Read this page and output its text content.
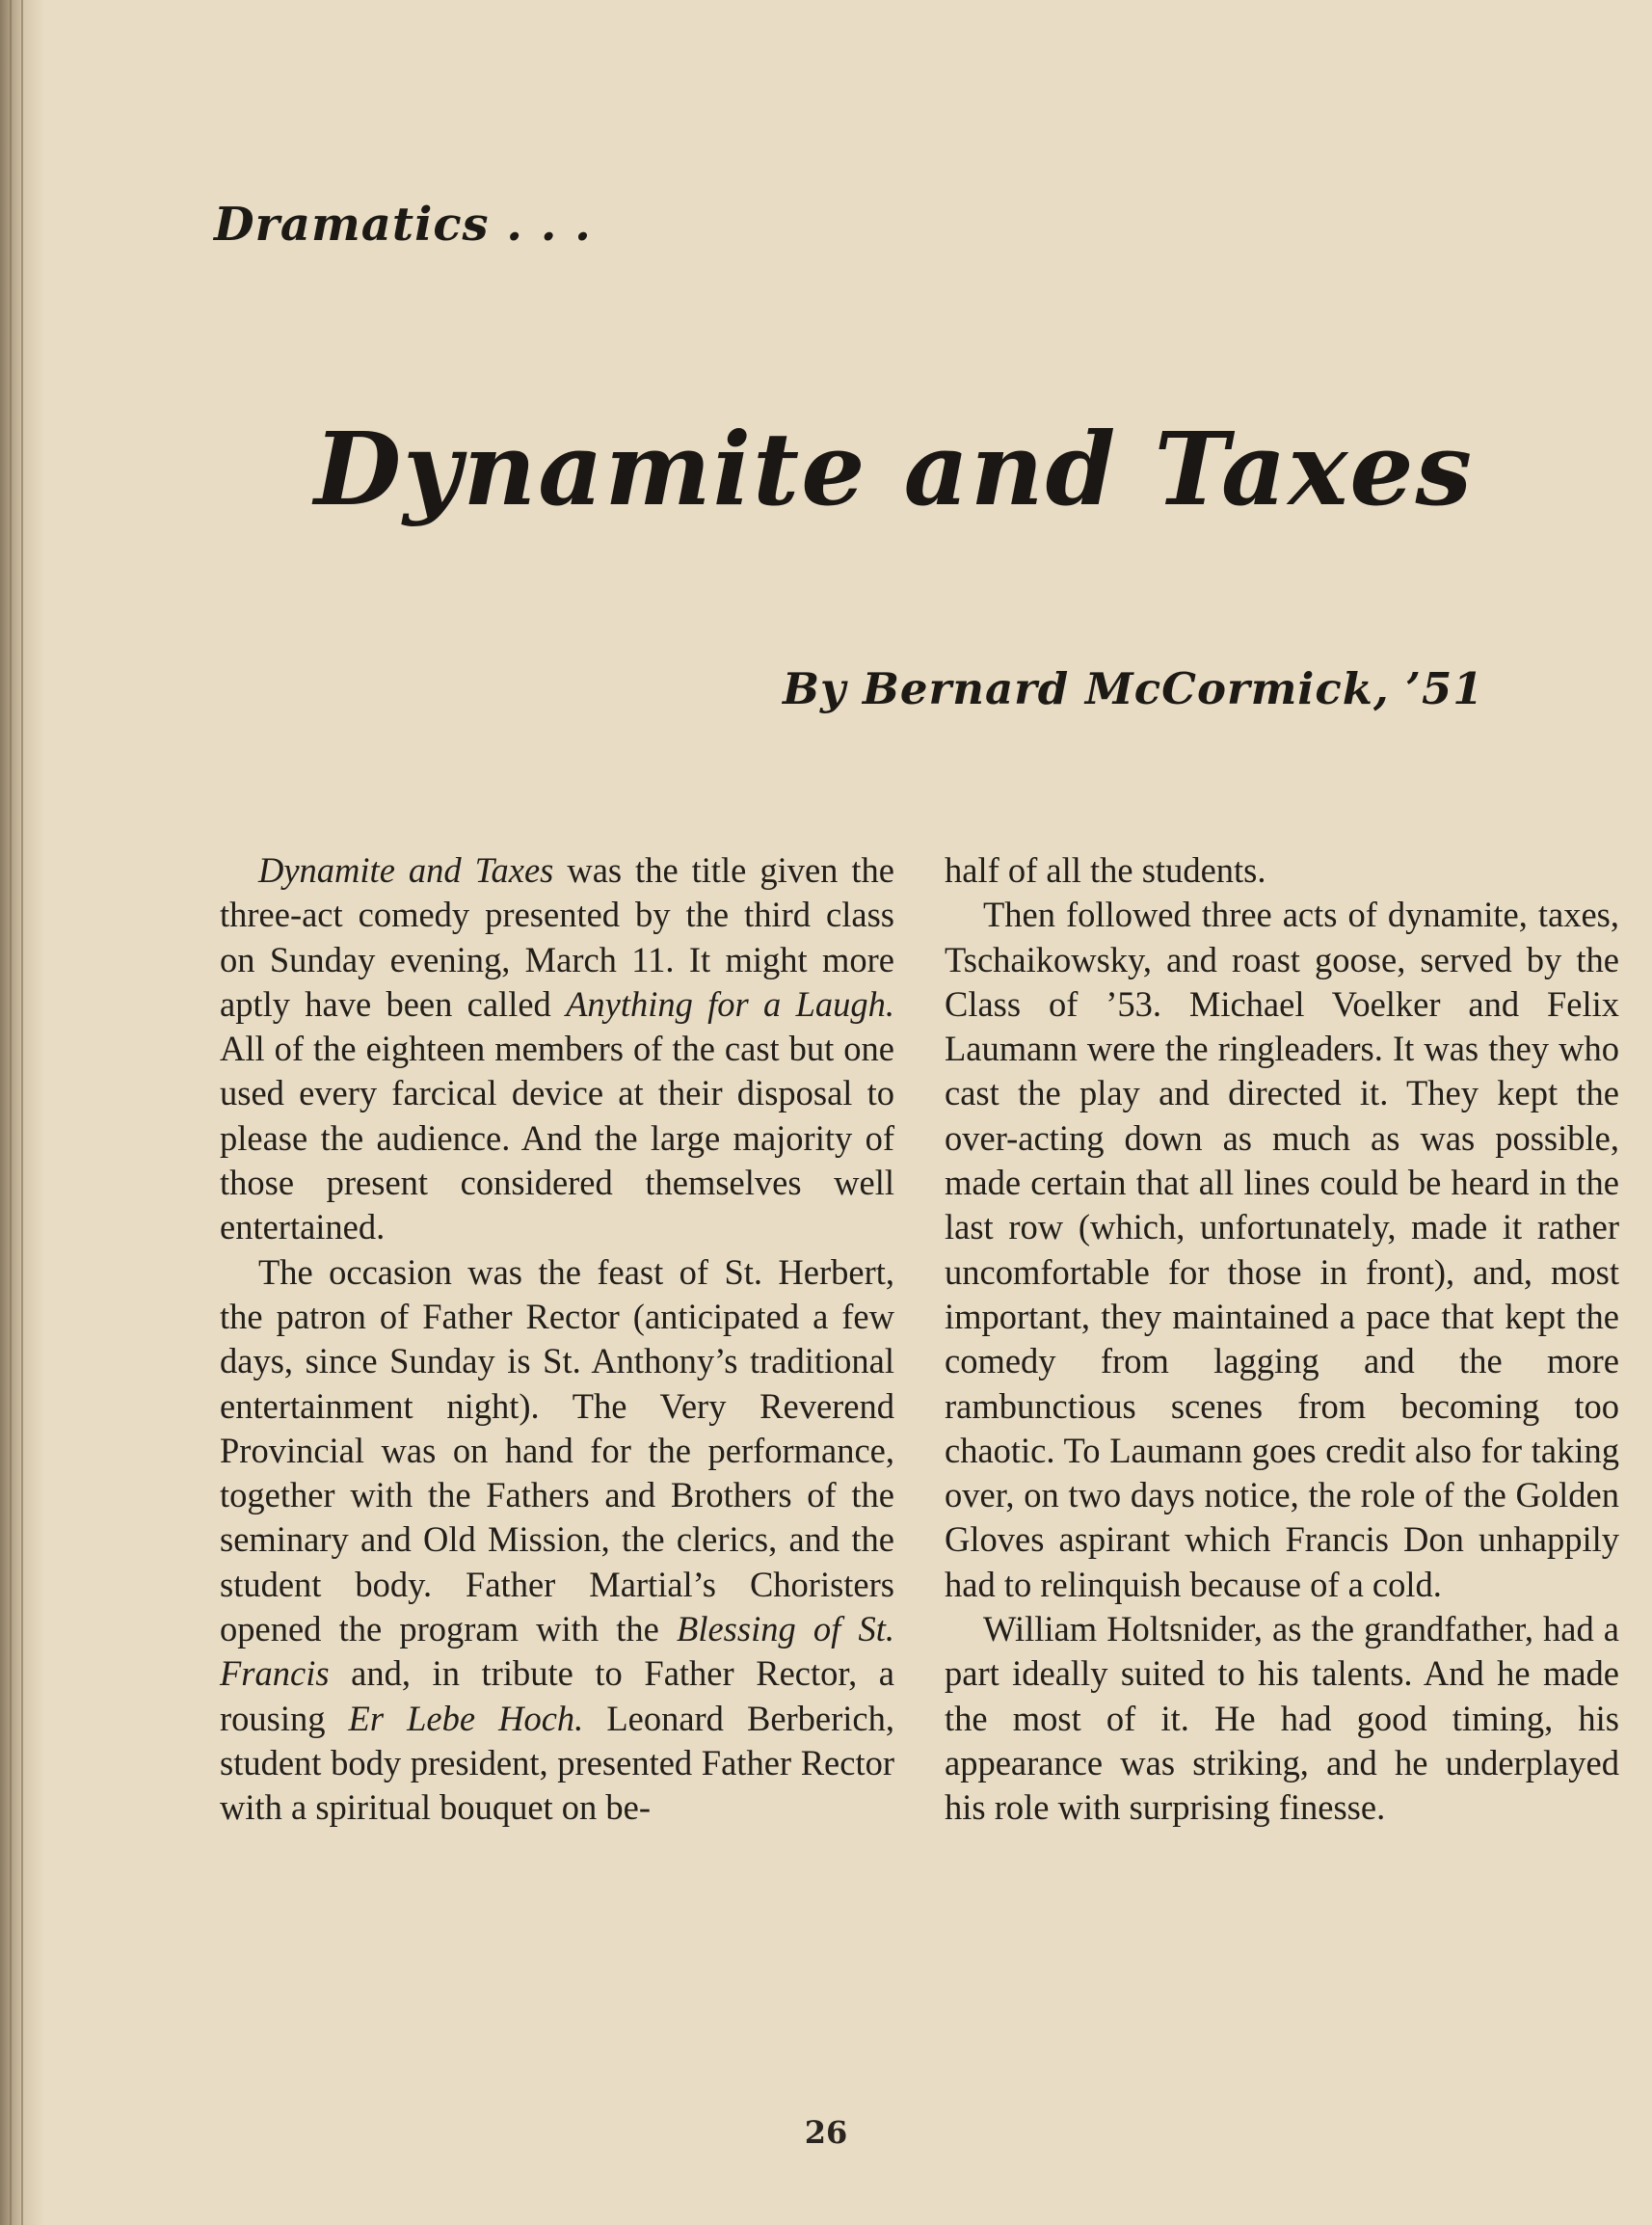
Dramatics . . .
Dynamite and Taxes
By Bernard McCormick, ’51

Dynamite and Taxes was the title given the three-act comedy presented by the third class on Sunday evening, March 11. It might more aptly have been called Anything for a Laugh. All of the eighteen members of the cast but one used every farcical device at their disposal to please the audience. And the large majority of those present considered themselves well entertained.

The occasion was the feast of St. Herbert, the patron of Father Rector (anticipated a few days, since Sunday is St. Anthony’s traditional entertainment night). The Very Reverend Provincial was on hand for the performance, together with the Fathers and Brothers of the seminary and Old Mission, the clerics, and the student body. Father Martial’s Choristers opened the program with the Blessing of St. Francis and, in tribute to Father Rector, a rousing Er Lebe Hoch. Leonard Berberich, student body president, presented Father Rector with a spiritual bouquet on be-

half of all the students.

Then followed three acts of dynamite, taxes, Tschaikowsky, and roast goose, served by the Class of ’53. Michael Voelker and Felix Laumann were the ringleaders. It was they who cast the play and directed it. They kept the over-acting down as much as was possible, made certain that all lines could be heard in the last row (which, unfortunately, made it rather uncomfortable for those in front), and, most important, they maintained a pace that kept the comedy from lagging and the more rambunctious scenes from becoming too chaotic. To Laumann goes credit also for taking over, on two days notice, the role of the Golden Gloves aspirant which Francis Don unhappily had to relinquish because of a cold.

William Holtsnider, as the grandfather, had a part ideally suited to his talents. And he made the most of it. He had good timing, his appearance was striking, and he underplayed his role with surprising finesse.

26
